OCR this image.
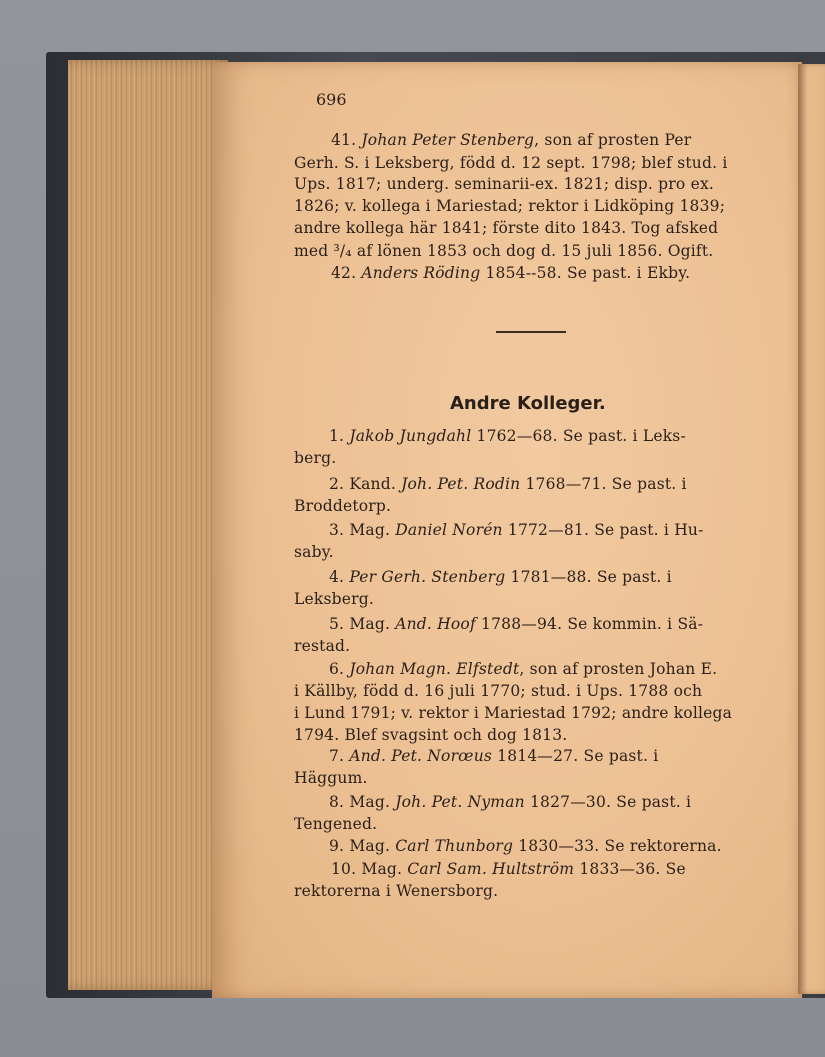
696
41. Johan Peter Stenberg, son af prosten Per
Gerh. S. i Leksberg, född d. 12 sept. 1798; blef stud. i
Ups. 1817; underg. seminarii-ex. 1821; disp. pro ex.
1826; v. kollega i Mariestad; rektor i Lidköping 1839;
andre kollega här 1841; förste dito 1843. Tog afsked
med ³/₄ af lönen 1853 och dog d. 15 juli 1856. Ogift.
42. Anders Röding 1854--58. Se past. i Ekby.
Andre Kolleger.
1. Jakob Jungdahl 1762—68. Se past. i Leks-
berg.
2. Kand. Joh. Pet. Rodin 1768—71. Se past. i
Broddetorp.
3. Mag. Daniel Norén 1772—81. Se past. i Hu-
saby.
4. Per Gerh. Stenberg 1781—88. Se past. i
Leksberg.
5. Mag. And. Hoof 1788—94. Se kommin. i Sä-
restad.
6. Johan Magn. Elfstedt, son af prosten Johan E.
i Källby, född d. 16 juli 1770; stud. i Ups. 1788 och
i Lund 1791; v. rektor i Mariestad 1792; andre kollega
1794. Blef svagsint och dog 1813.
7. And. Pet. Norœus 1814—27. Se past. i
Häggum.
8. Mag. Joh. Pet. Nyman 1827—30. Se past. i
Tengened.
9. Mag. Carl Thunborg 1830—33. Se rektorerna.
10. Mag. Carl Sam. Hultström 1833—36. Se
rektorerna i Wenersborg.
